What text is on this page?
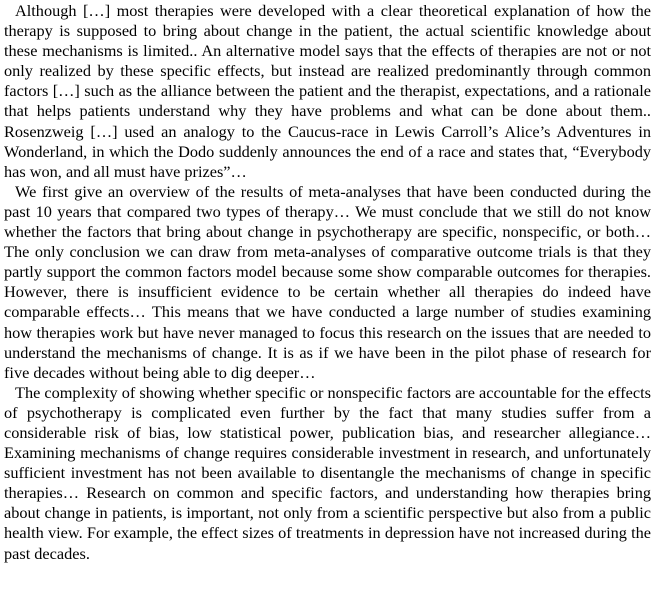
Although […] most therapies were developed with a clear theoretical explanation of how the therapy is supposed to bring about change in the patient, the actual scientific knowledge about these mechanisms is limited.. An alternative model says that the effects of therapies are not or not only realized by these specific effects, but instead are realized predominantly through common factors […] such as the alliance between the patient and the therapist, expectations, and a rationale that helps patients understand why they have problems and what can be done about them.. Rosenzweig […] used an analogy to the Caucus-race in Lewis Carroll’s Alice’s Adventures in Wonderland, in which the Dodo suddenly announces the end of a race and states that, “Everybody has won, and all must have prizes”…

We first give an overview of the results of meta-analyses that have been conducted during the past 10 years that compared two types of therapy… We must conclude that we still do not know whether the factors that bring about change in psychotherapy are specific, nonspecific, or both… The only conclusion we can draw from meta-analyses of comparative outcome trials is that they partly support the common factors model because some show comparable outcomes for therapies. However, there is insufficient evidence to be certain whether all therapies do indeed have comparable effects… This means that we have conducted a large number of studies examining how therapies work but have never managed to focus this research on the issues that are needed to understand the mechanisms of change. It is as if we have been in the pilot phase of research for five decades without being able to dig deeper…

The complexity of showing whether specific or nonspecific factors are accountable for the effects of psychotherapy is complicated even further by the fact that many studies suffer from a considerable risk of bias, low statistical power, publication bias, and researcher allegiance… Examining mechanisms of change requires considerable investment in research, and unfortunately sufficient investment has not been available to disentangle the mechanisms of change in specific therapies… Research on common and specific factors, and understanding how therapies bring about change in patients, is important, not only from a scientific perspective but also from a public health view. For example, the effect sizes of treatments in depression have not increased during the past decades.
